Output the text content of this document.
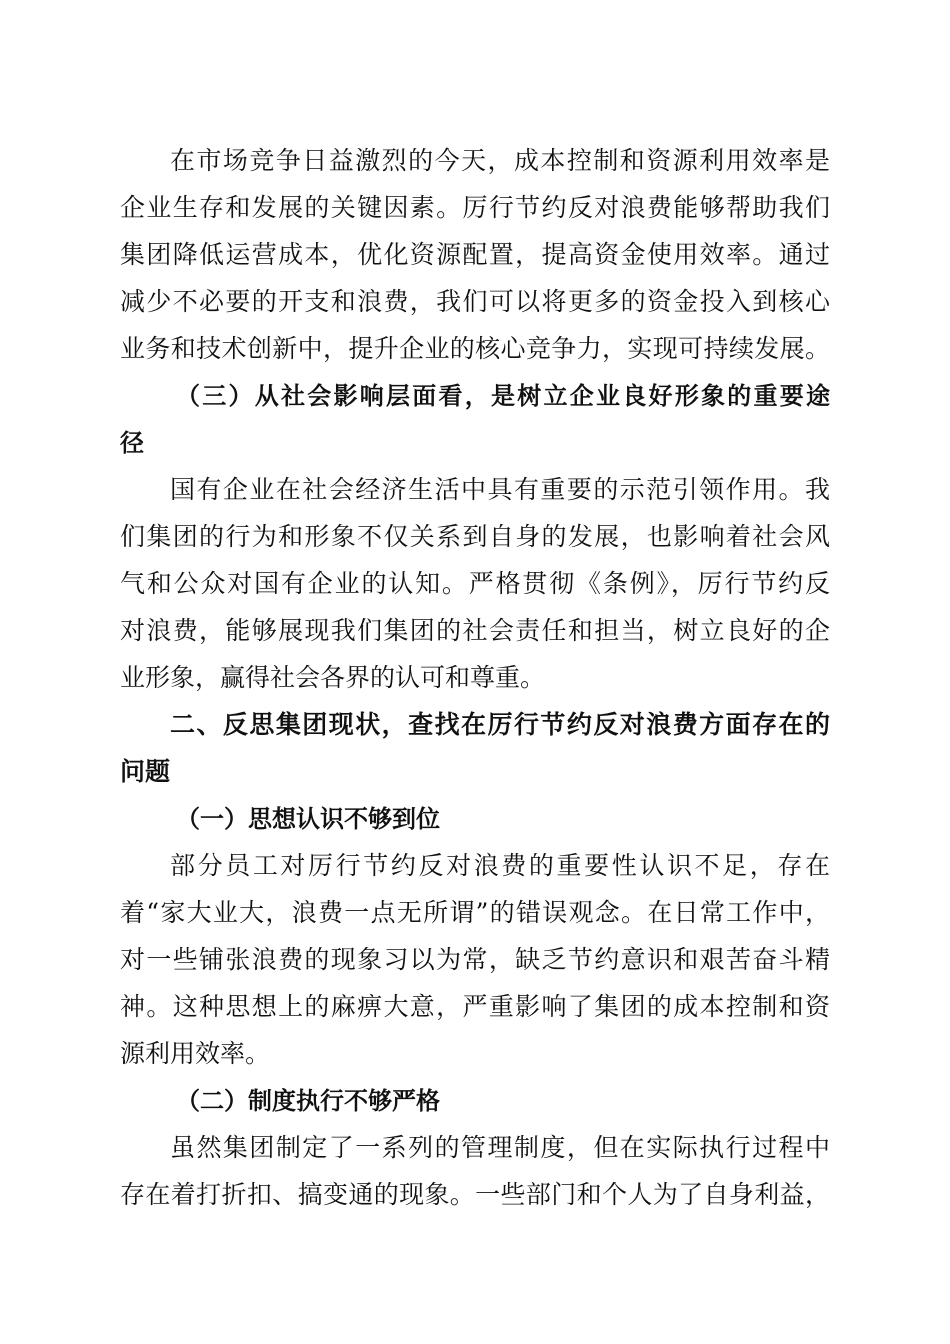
在市场竞争日益激烈的今天，成本控制和资源利用效率是
企业生存和发展的关键因素。厉行节约反对浪费能够帮助我们
集团降低运营成本，优化资源配置，提高资金使用效率。通过
减少不必要的开支和浪费，我们可以将更多的资金投入到核心
业务和技术创新中，提升企业的核心竞争力，实现可持续发展。
（三）从社会影响层面看，是树立企业良好形象的重要途
径
国有企业在社会经济生活中具有重要的示范引领作用。我
们集团的行为和形象不仅关系到自身的发展，也影响着社会风
气和公众对国有企业的认知。严格贯彻《条例》，厉行节约反
对浪费，能够展现我们集团的社会责任和担当，树立良好的企
业形象，赢得社会各界的认可和尊重。
二、反思集团现状，查找在厉行节约反对浪费方面存在的
问题
（一）思想认识不够到位
部分员工对厉行节约反对浪费的重要性认识不足，存在
着“家大业大，浪费一点无所谓”的错误观念。在日常工作中，
对一些铺张浪费的现象习以为常，缺乏节约意识和艰苦奋斗精
神。这种思想上的麻痹大意，严重影响了集团的成本控制和资
源利用效率。
（二）制度执行不够严格
虽然集团制定了一系列的管理制度，但在实际执行过程中
存在着打折扣、搞变通的现象。一些部门和个人为了自身利益，
